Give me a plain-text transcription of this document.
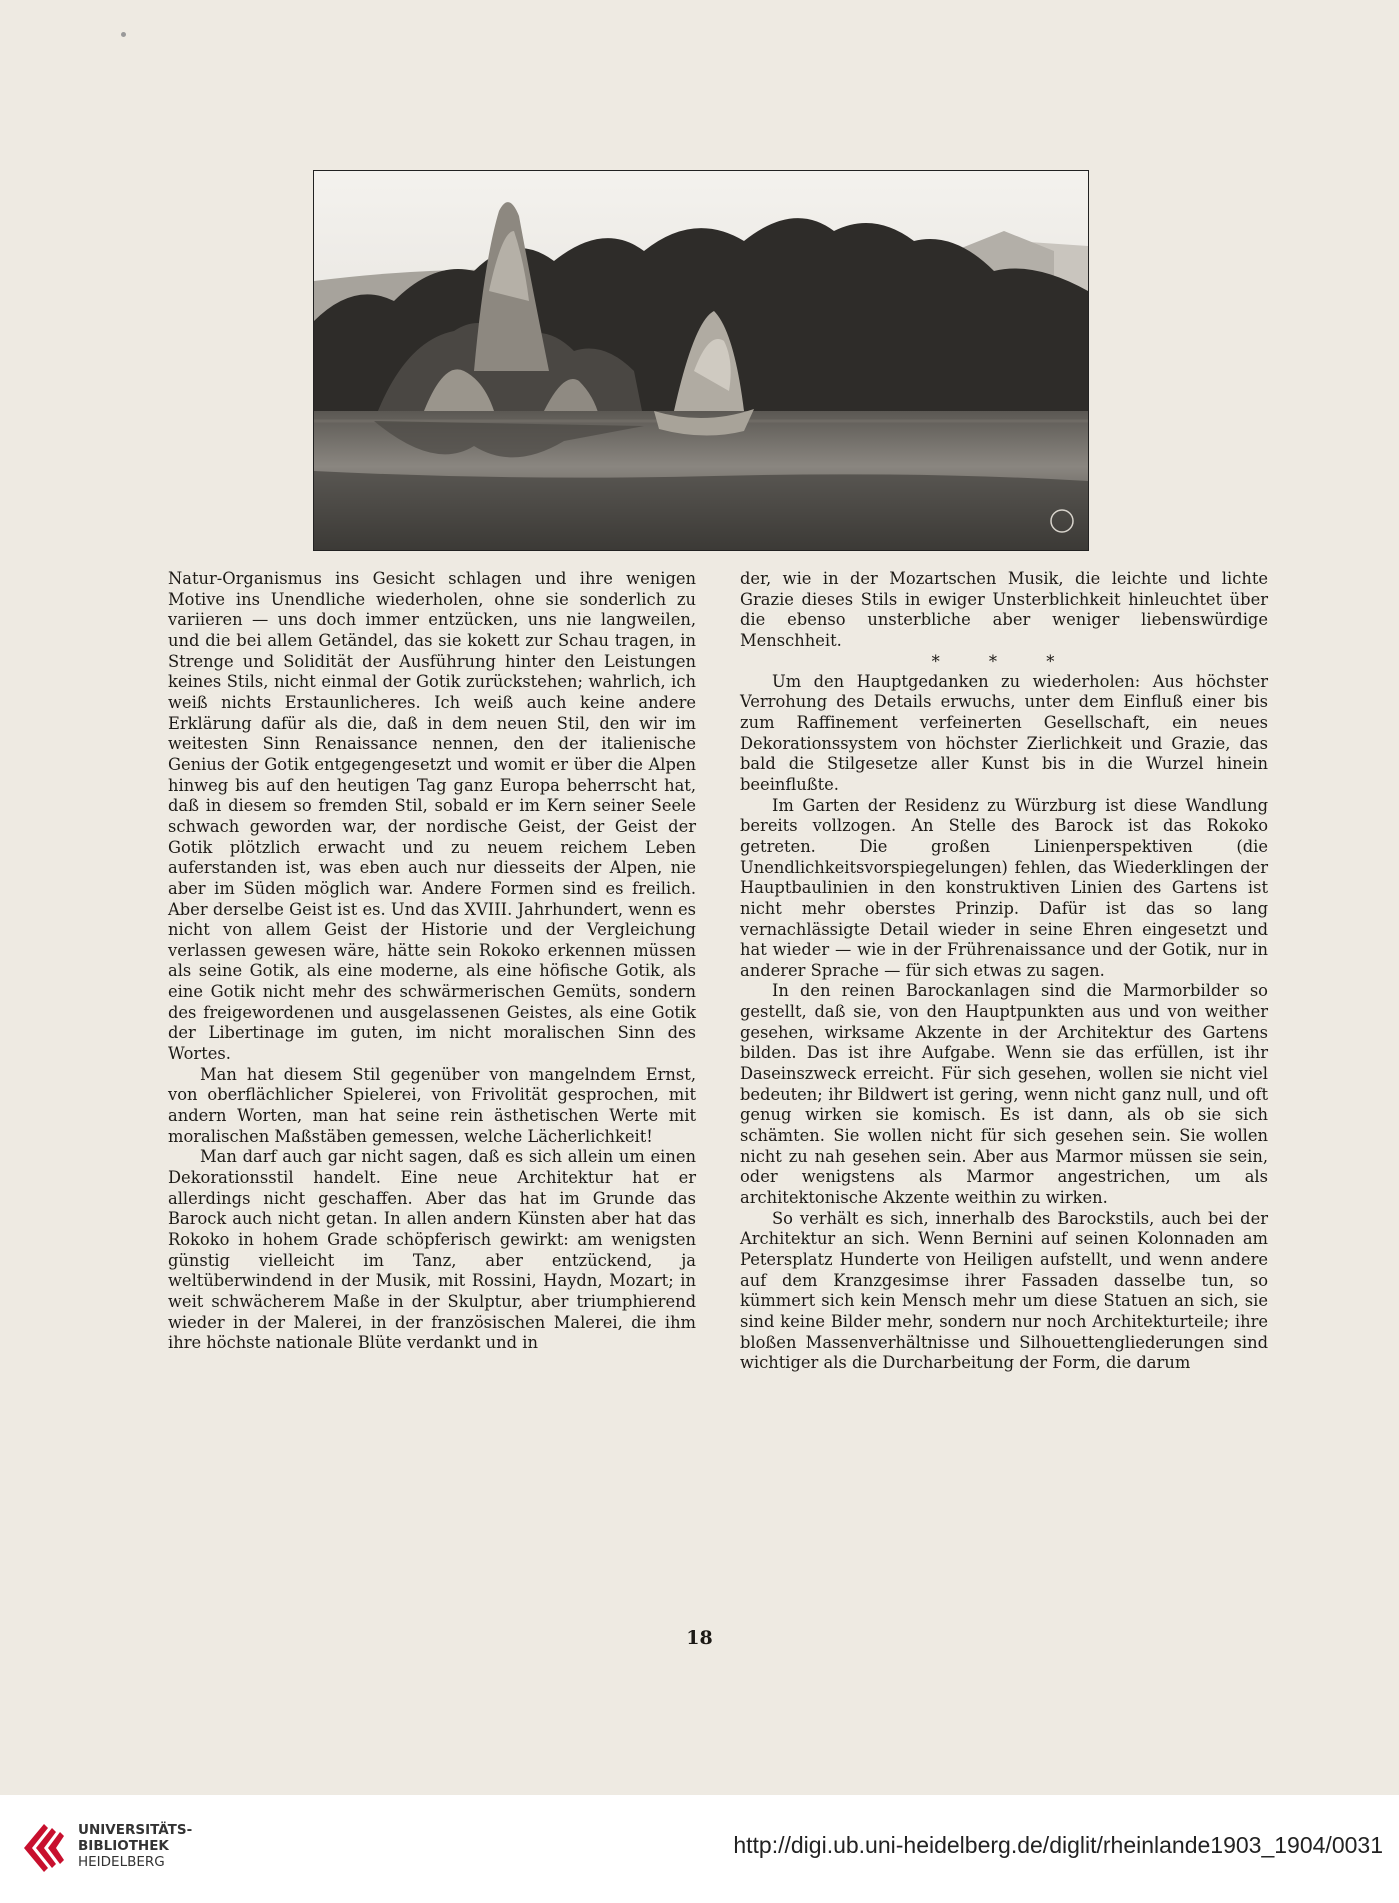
Natur-Organismus ins Gesicht schlagen und ihre wenigen Motive ins Unendliche wiederholen, ohne sie sonderlich zu variieren — uns doch immer entzücken, uns nie langweilen, und die bei allem Getändel, das sie kokett zur Schau tragen, in Strenge und Solidität der Ausführung hinter den Leistungen keines Stils, nicht einmal der Gotik zurückstehen; wahrlich, ich weiß nichts Erstaunlicheres. Ich weiß auch keine andere Erklärung dafür als die, daß in dem neuen Stil, den wir im weitesten Sinn Renaissance nennen, den der italienische Genius der Gotik entgegengesetzt und womit er über die Alpen hinweg bis auf den heutigen Tag ganz Europa beherrscht hat, daß in diesem so fremden Stil, sobald er im Kern seiner Seele schwach geworden war, der nordische Geist, der Geist der Gotik plötzlich erwacht und zu neuem reichem Leben auferstanden ist, was eben auch nur diesseits der Alpen, nie aber im Süden möglich war. Andere Formen sind es freilich. Aber derselbe Geist ist es. Und das XVIII. Jahrhundert, wenn es nicht von allem Geist der Historie und der Vergleichung verlassen gewesen wäre, hätte sein Rokoko erkennen müssen als seine Gotik, als eine moderne, als eine höfische Gotik, als eine Gotik nicht mehr des schwärmerischen Gemüts, sondern des freigewordenen und ausgelassenen Geistes, als eine Gotik der Libertinage im guten, im nicht moralischen Sinn des Wortes.

Man hat diesem Stil gegenüber von mangelndem Ernst, von oberflächlicher Spielerei, von Frivolität gesprochen, mit andern Worten, man hat seine rein ästhetischen Werte mit moralischen Maßstäben gemessen, welche Lächerlichkeit!

Man darf auch gar nicht sagen, daß es sich allein um einen Dekorationsstil handelt. Eine neue Architektur hat er allerdings nicht geschaffen. Aber das hat im Grunde das Barock auch nicht getan. In allen andern Künsten aber hat das Rokoko in hohem Grade schöpferisch gewirkt: am wenigsten günstig vielleicht im Tanz, aber entzückend, ja weltüberwindend in der Musik, mit Rossini, Haydn, Mozart; in weit schwächerem Maße in der Skulptur, aber triumphierend wieder in der Malerei, in der französischen Malerei, die ihm ihre höchste nationale Blüte verdankt und in

der, wie in der Mozartschen Musik, die leichte und lichte Grazie dieses Stils in ewiger Unsterblichkeit hinleuchtet über die ebenso unsterbliche aber weniger liebenswürdige Menschheit.

* * *

Um den Hauptgedanken zu wiederholen: Aus höchster Verrohung des Details erwuchs, unter dem Einfluß einer bis zum Raffinement verfeinerten Gesellschaft, ein neues Dekorationssystem von höchster Zierlichkeit und Grazie, das bald die Stilgesetze aller Kunst bis in die Wurzel hinein beeinflußte.

Im Garten der Residenz zu Würzburg ist diese Wandlung bereits vollzogen. An Stelle des Barock ist das Rokoko getreten. Die großen Linienperspektiven (die Unendlichkeitsvorspiegelungen) fehlen, das Wiederklingen der Hauptbaulinien in den konstruktiven Linien des Gartens ist nicht mehr oberstes Prinzip. Dafür ist das so lang vernachlässigte Detail wieder in seine Ehren eingesetzt und hat wieder — wie in der Frührenaissance und der Gotik, nur in anderer Sprache — für sich etwas zu sagen.

In den reinen Barockanlagen sind die Marmorbilder so gestellt, daß sie, von den Hauptpunkten aus und von weither gesehen, wirksame Akzente in der Architektur des Gartens bilden. Das ist ihre Aufgabe. Wenn sie das erfüllen, ist ihr Daseinszweck erreicht. Für sich gesehen, wollen sie nicht viel bedeuten; ihr Bildwert ist gering, wenn nicht ganz null, und oft genug wirken sie komisch. Es ist dann, als ob sie sich schämten. Sie wollen nicht für sich gesehen sein. Sie wollen nicht zu nah gesehen sein. Aber aus Marmor müssen sie sein, oder wenigstens als Marmor angestrichen, um als architektonische Akzente weithin zu wirken.

So verhält es sich, innerhalb des Barockstils, auch bei der Architektur an sich. Wenn Bernini auf seinen Kolonnaden am Petersplatz Hunderte von Heiligen aufstellt, und wenn andere auf dem Kranzgesimse ihrer Fassaden dasselbe tun, so kümmert sich kein Mensch mehr um diese Statuen an sich, sie sind keine Bilder mehr, sondern nur noch Architekturteile; ihre bloßen Massenverhältnisse und Silhouettengliederungen sind wichtiger als die Durcharbeitung der Form, die darum

18
UNIVERSITÄTS-
BIBLIOTHEK
HEIDELBERG
http://digi.ub.uni-heidelberg.de/diglit/rheinlande1903_1904/0031
